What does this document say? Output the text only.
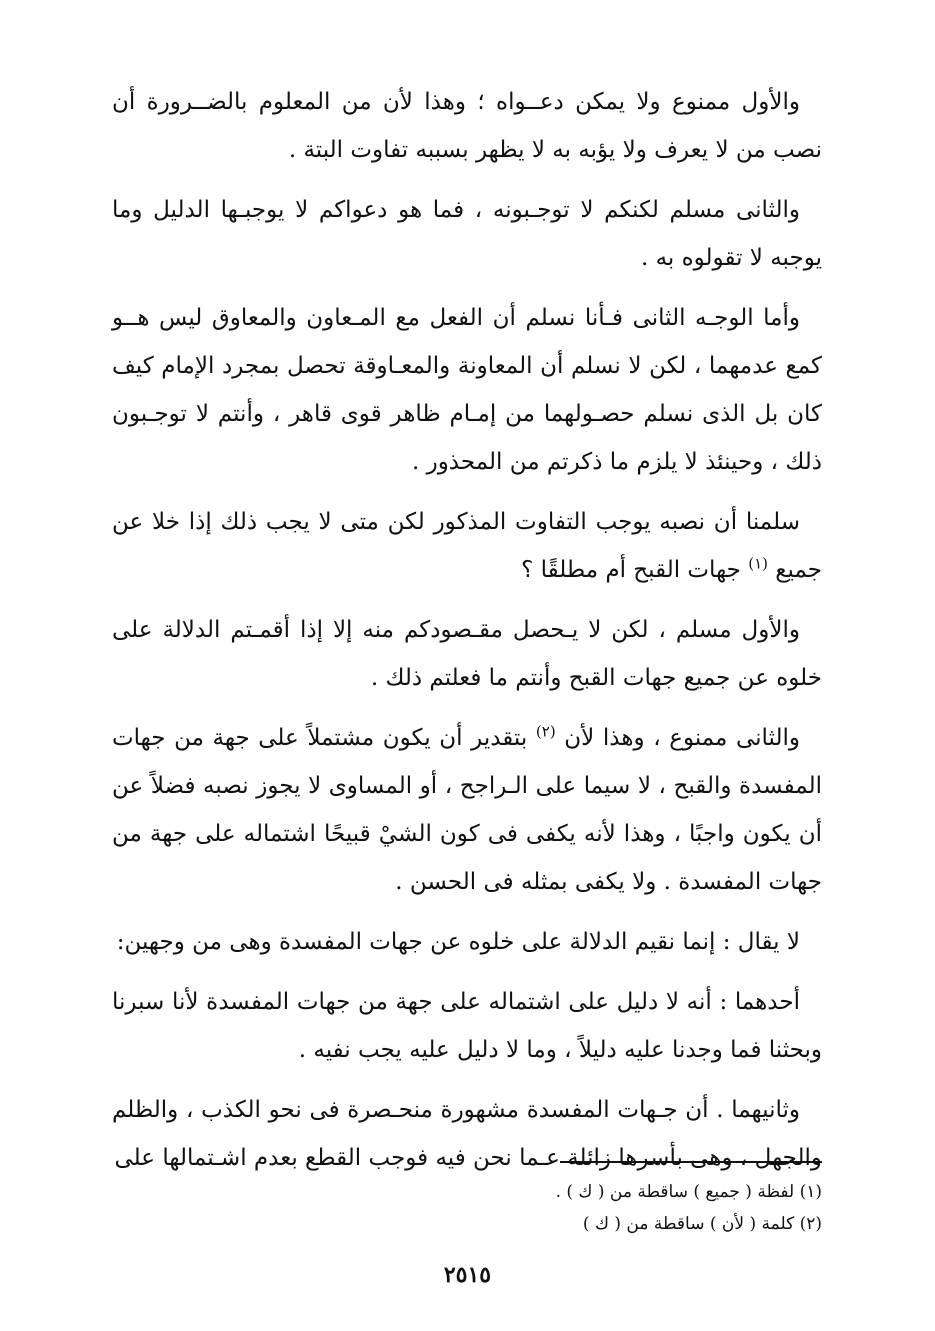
والأول ممنوع ولا يمكن دعــواه ؛ وهذا لأن من المعلوم بالضــرورة أن نصب من لا يعرف ولا يؤبه به لا يظهر بسببه تفاوت البتة .

والثانى مسلم لكنكم لا توجـبونه ، فما هو دعواكم لا يوجبـها الدليل وما يوجبه لا تقولوه به .

وأما الوجـه الثانى فـأنا نسلم أن الفعل مع المـعاون والمعاوق ليس هــو كمع عدمهما ، لكن لا نسلم أن المعاونة والمعـاوقة تحصل بمجرد الإمام كيف كان بل الذى نسلم حصـولهما من إمـام ظاهر قوى قاهر ، وأنتم لا توجـبون ذلك ، وحينئذ لا يلزم ما ذكرتم من المحذور .

سلمنا أن نصبه يوجب التفاوت المذكور لكن متى لا يجب ذلك إذا خلا عن جميع $^{(١)}$ جهات القبح أم مطلقًا ؟

والأول مسلم ، لكن لا يـحصل مقـصودكم منه إلا إذا أقمـتم الدلالة على خلوه عن جميع جهات القبح وأنتم ما فعلتم ذلك .

والثانى ممنوع ، وهذا لأن $^{(٢)}$ بتقدير أن يكون مشتملاً على جهة من جهات المفسدة والقبح ، لا سيما على الـراجح ، أو المساوى لا يجوز نصبه فضلاً عن أن يكون واجبًا ، وهذا لأنه يكفى فى كون الشيْ قبيحًا اشتماله على جهة من جهات المفسدة . ولا يكفى بمثله فى الحسن .

لا يقال : إنما نقيم الدلالة على خلوه عن جهات المفسدة وهى من وجهين:

أحدهما : أنه لا دليل على اشتماله على جهة من جهات المفسدة لأنا سبرنا وبحثنا فما وجدنا عليه دليلاً ، وما لا دليل عليه يجب نفيه .

وثانيهما . أن جـهات المفسدة مشهورة منحـصرة فى نحو الكذب ، والظلم والجهل ، وهى بأسرها زائلة عـما نحن فيه فوجب القطع بعدم اشـتمالها على

(١) لفظة ( جميع ) ساقطة من ( ك ) .

(٢) كلمة ( لأن ) ساقطة من ( ك )

٢٥١٥
